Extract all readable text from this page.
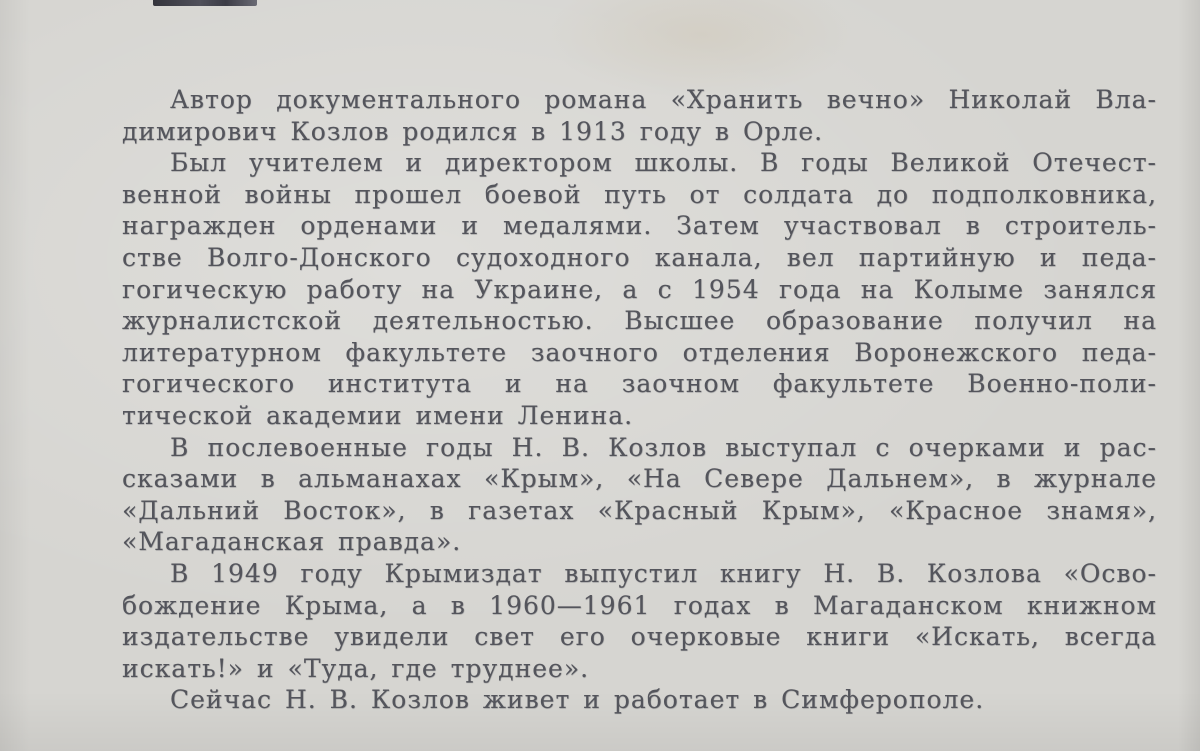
Автор документального романа «Хранить вечно» Николай Вла-
димирович Козлов родился в 1913 году в Орле.
Был учителем и директором школы. В годы Великой Отечест-
венной войны прошел боевой путь от солдата до подполковника,
награжден орденами и медалями. Затем участвовал в строитель-
стве Волго-Донского судоходного канала, вел партийную и педа-
гогическую работу на Украине, а с 1954 года на Колыме занялся
журналистской деятельностью. Высшее образование получил на
литературном факультете заочного отделения Воронежского педа-
гогического института и на заочном факультете Военно-поли-
тической академии имени Ленина.
В послевоенные годы Н. В. Козлов выступал с очерками и рас-
сказами в альманахах «Крым», «На Севере Дальнем», в журнале
«Дальний Восток», в газетах «Красный Крым», «Красное знамя»,
«Магаданская правда».
В 1949 году Крымиздат выпустил книгу Н. В. Козлова «Осво-
бождение Крыма, а в 1960—1961 годах в Магаданском книжном
издательстве увидели свет его очерковые книги «Искать, всегда
искать!» и «Туда, где труднее».
Сейчас Н. В. Козлов живет и работает в Симферополе.
